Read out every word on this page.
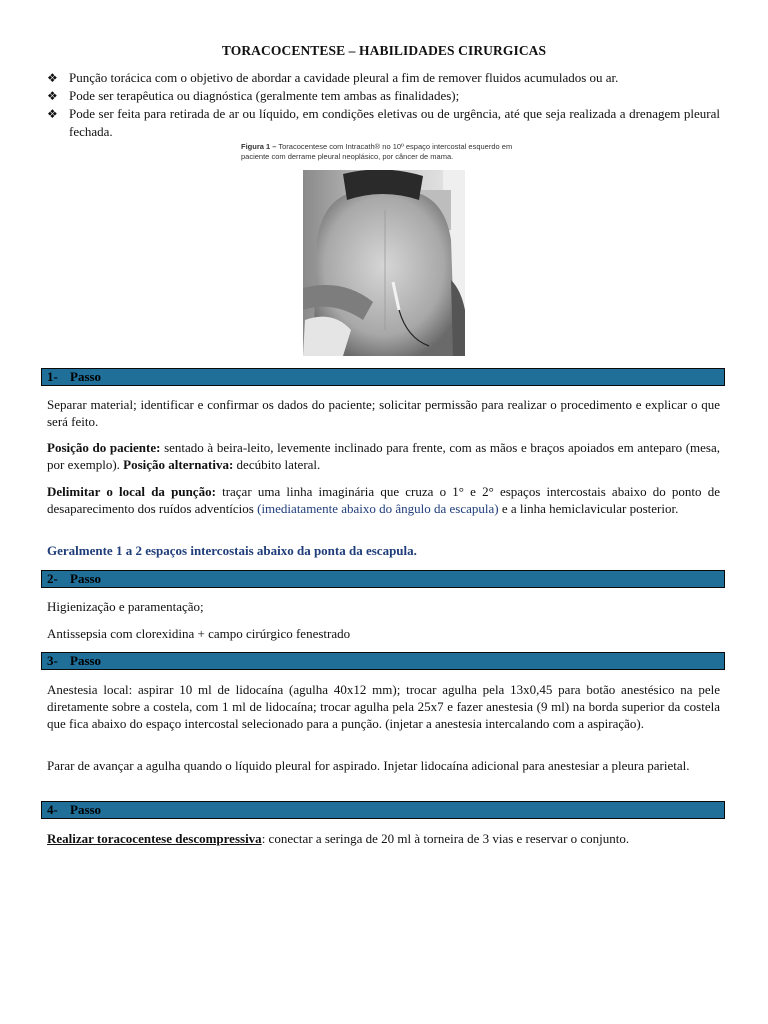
TORACOCENTESE – HABILIDADES CIRURGICAS
❖ Punção torácica com o objetivo de abordar a cavidade pleural a fim de remover fluidos acumulados ou ar.
❖ Pode ser terapêutica ou diagnóstica (geralmente tem ambas as finalidades);
❖ Pode ser feita para retirada de ar ou líquido, em condições eletivas ou de urgência, até que seja realizada a drenagem pleural fechada.
Figura 1 – Toracocentese com Intracath® no 10º espaço intercostal esquerdo em paciente com derrame pleural neoplásico, por câncer de mama.
1- Passo

Separar material; identificar e confirmar os dados do paciente; solicitar permissão para realizar o procedimento e explicar o que será feito.

Posição do paciente: sentado à beira-leito, levemente inclinado para frente, com as mãos e braços apoiados em anteparo (mesa, por exemplo). Posição alternativa: decúbito lateral.

Delimitar o local da punção: traçar uma linha imaginária que cruza o 1° e 2° espaços intercostais abaixo do ponto de desaparecimento dos ruídos adventícios (imediatamente abaixo do ângulo da escapula) e a linha hemiclavicular posterior.

Geralmente 1 a 2 espaços intercostais abaixo da ponta da escapula.

2- Passo

Higienização e paramentação;

Antissepsia com clorexidina + campo cirúrgico fenestrado

3- Passo

Anestesia local: aspirar 10 ml de lidocaína (agulha 40x12 mm); trocar agulha pela 13x0,45 para botão anestésico na pele diretamente sobre a costela, com 1 ml de lidocaína; trocar agulha pela 25x7 e fazer anestesia (9 ml) na borda superior da costela que fica abaixo do espaço intercostal selecionado para a punção. (injetar a anestesia intercalando com a aspiração).

Parar de avançar a agulha quando o líquido pleural for aspirado. Injetar lidocaína adicional para anestesiar a pleura parietal.

4- Passo

Realizar toracocentese descompressiva: conectar a seringa de 20 ml à torneira de 3 vias e reservar o conjunto.
